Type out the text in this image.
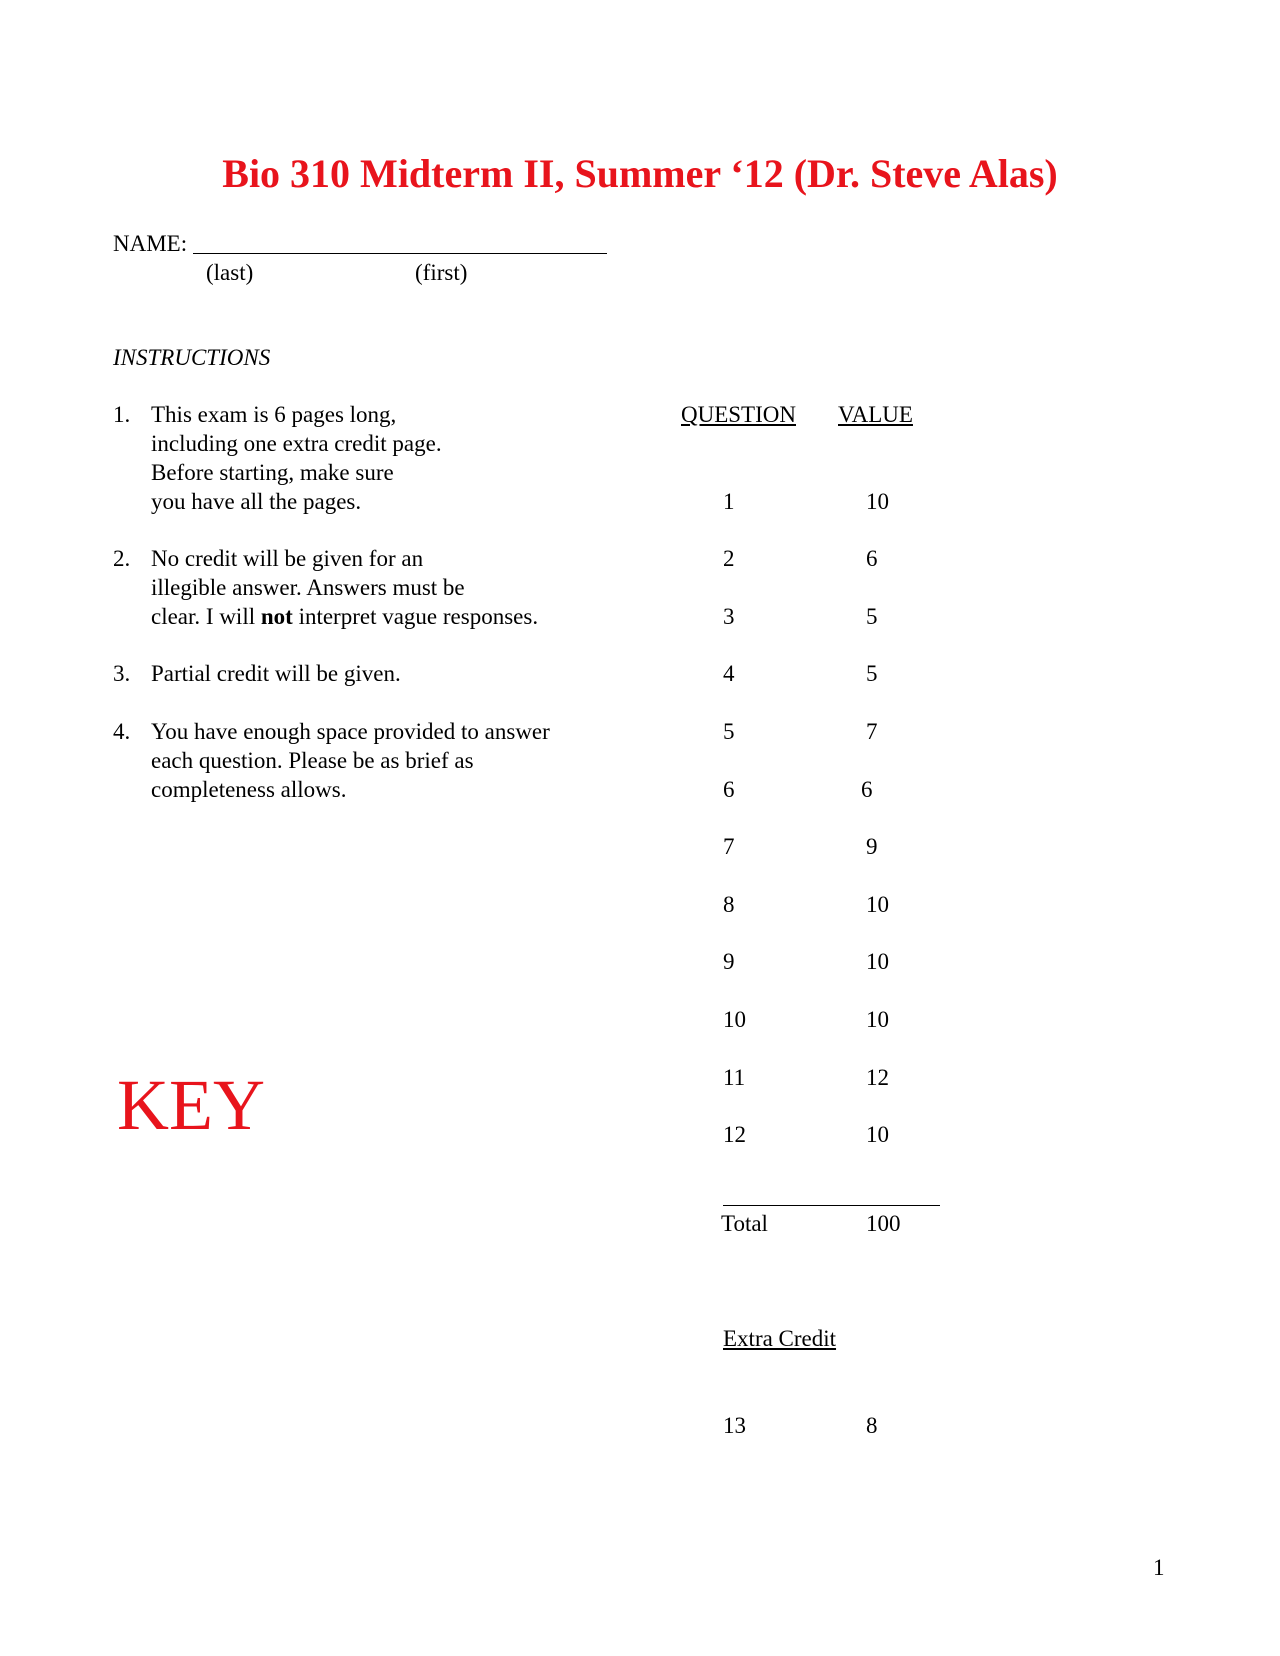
Bio 310 Midterm II, Summer ‘12 (Dr. Steve Alas)
NAME:
(last)	(first)
INSTRUCTIONS
1. This exam is 6 pages long,
including one extra credit page.
Before starting, make sure
you have all the pages.
2. No credit will be given for an
illegible answer. Answers must be
clear. I will not interpret vague responses.
3. Partial credit will be given.
4. You have enough space provided to answer
each question. Please be as brief as
completeness allows.
QUESTION VALUE
1	10
2	6
3	5
4	5
5	7
6	6
7	9
8	10
9	10
10	10
11	12
12	10
Total	100
Extra Credit
13	8
KEY
1
